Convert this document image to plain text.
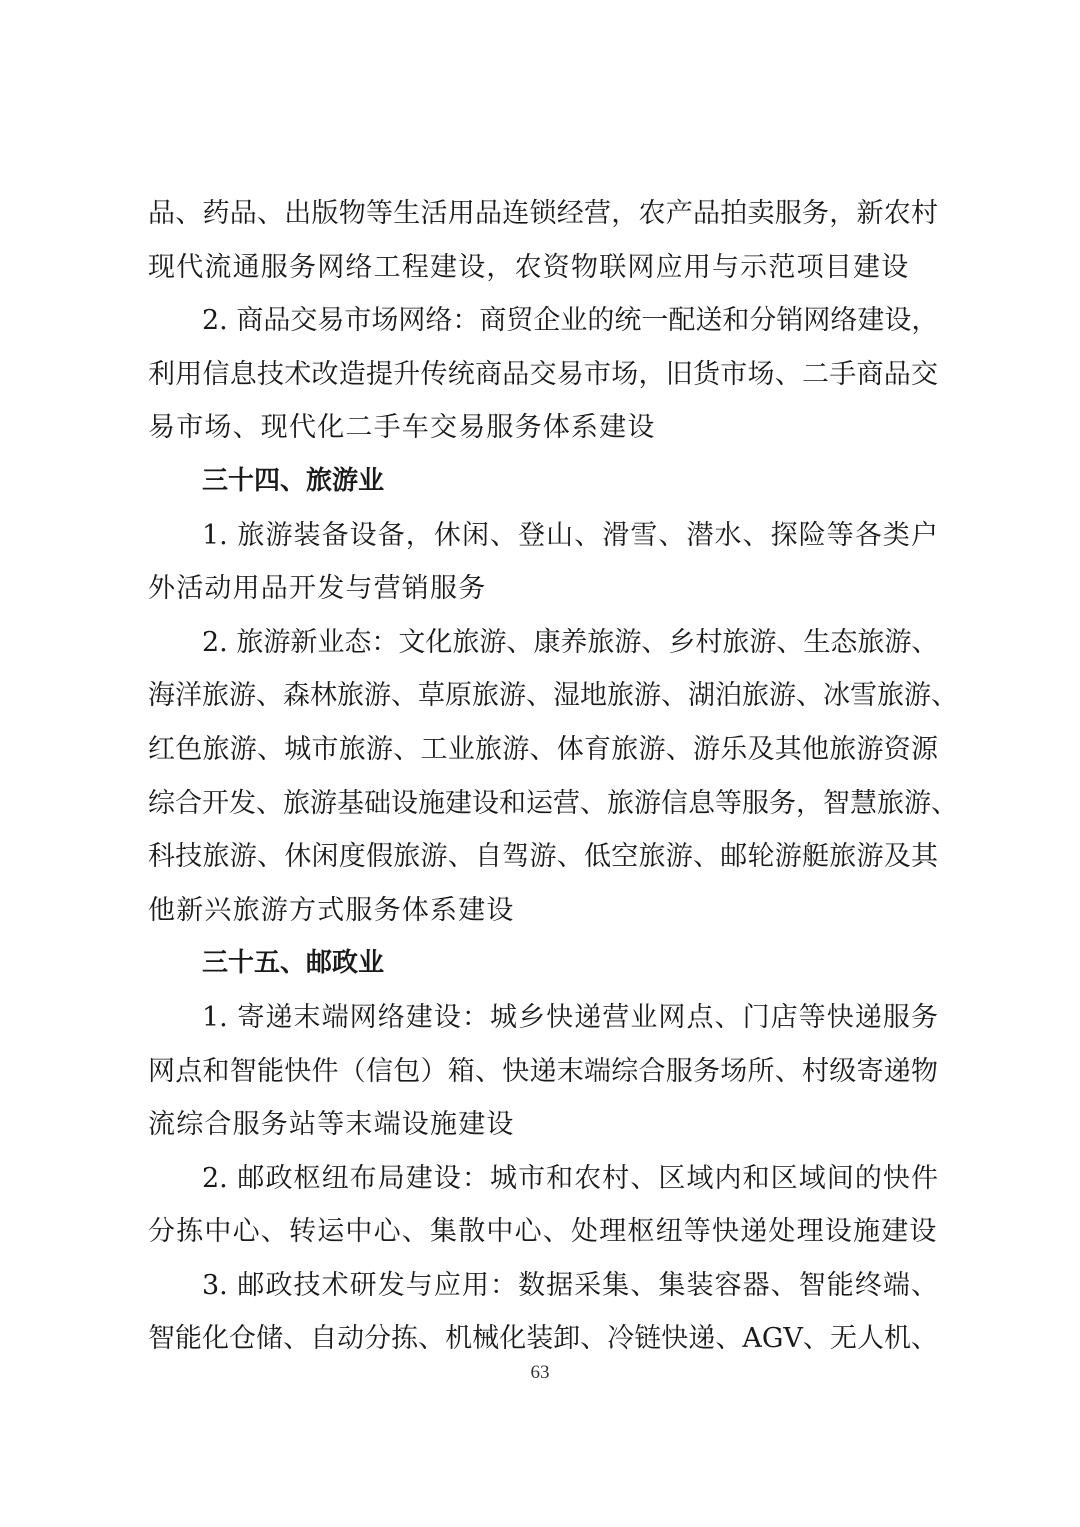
品、药品、出版物等生活用品连锁经营，农产品拍卖服务，新农村
现代流通服务网络工程建设，农资物联网应用与示范项目建设
2. 商品交易市场网络：商贸企业的统一配送和分销网络建设，
利用信息技术改造提升传统商品交易市场，旧货市场、二手商品交
易市场、现代化二手车交易服务体系建设
三十四、旅游业
1. 旅游装备设备，休闲、登山、滑雪、潜水、探险等各类户
外活动用品开发与营销服务
2. 旅游新业态：文化旅游、康养旅游、乡村旅游、生态旅游、
海洋旅游、森林旅游、草原旅游、湿地旅游、湖泊旅游、冰雪旅游、
红色旅游、城市旅游、工业旅游、体育旅游、游乐及其他旅游资源
综合开发、旅游基础设施建设和运营、旅游信息等服务，智慧旅游、
科技旅游、休闲度假旅游、自驾游、低空旅游、邮轮游艇旅游及其
他新兴旅游方式服务体系建设
三十五、邮政业
1. 寄递末端网络建设：城乡快递营业网点、门店等快递服务
网点和智能快件（信包）箱、快递末端综合服务场所、村级寄递物
流综合服务站等末端设施建设
2. 邮政枢纽布局建设：城市和农村、区域内和区域间的快件
分拣中心、转运中心、集散中心、处理枢纽等快递处理设施建设
3. 邮政技术研发与应用：数据采集、集装容器、智能终端、
智能化仓储、自动分拣、机械化装卸、冷链快递、AGV、无人机、
63
